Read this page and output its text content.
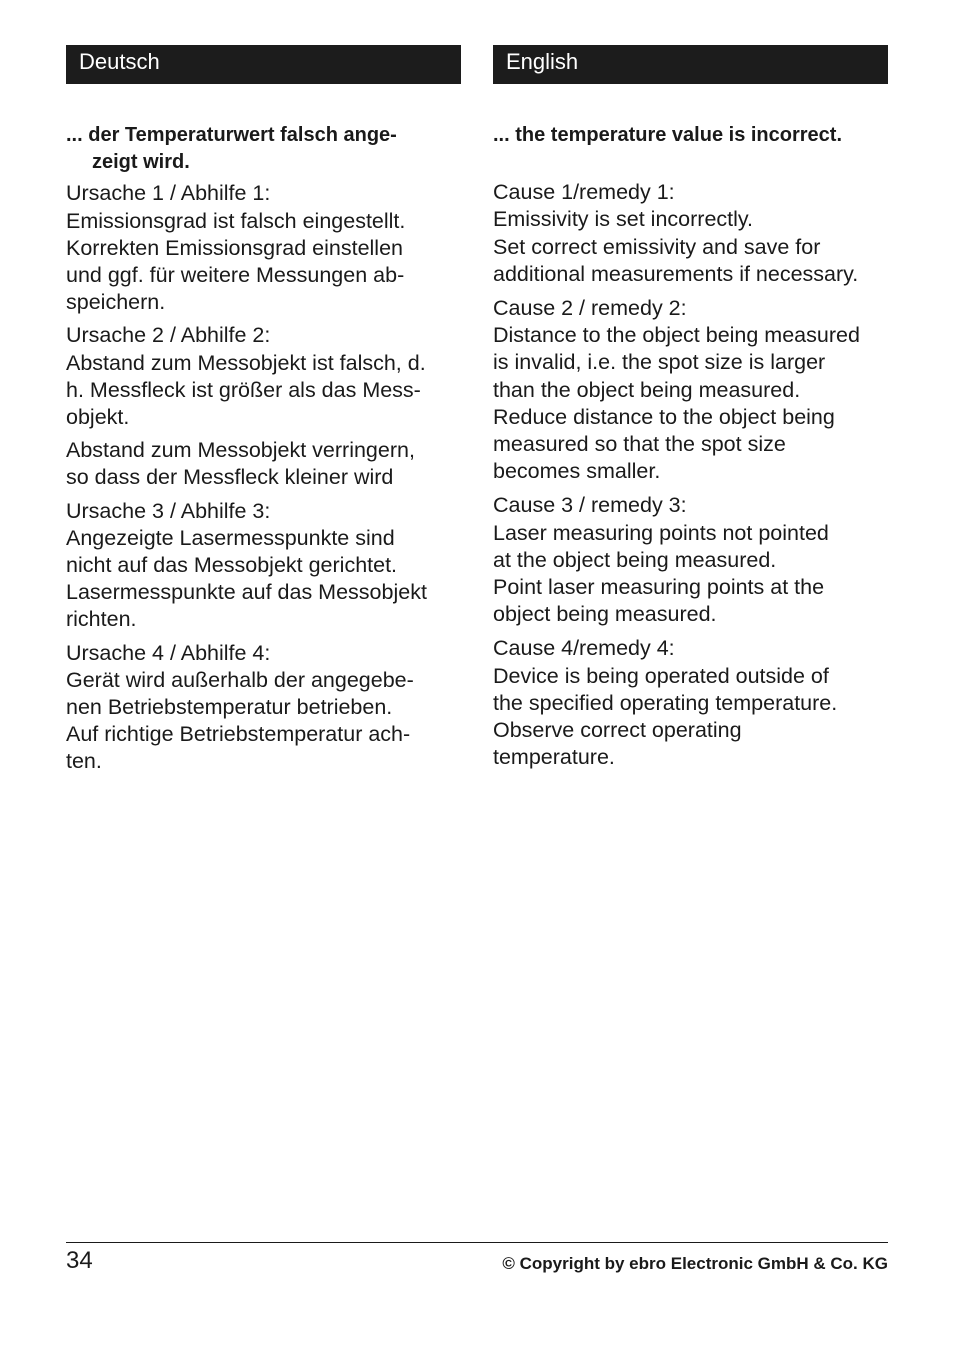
Deutsch
... der Temperaturwert falsch ange-
zeigt wird.

Ursache 1 / Abhilfe 1:
Emissionsgrad ist falsch eingestellt.
Korrekten Emissionsgrad einstellen
und ggf. für weitere Messungen ab-
speichern.

Ursache 2 / Abhilfe 2:
Abstand zum Messobjekt ist falsch, d.
h. Messfleck ist größer als das Mess-
objekt.

Abstand zum Messobjekt verringern,
so dass der Messfleck kleiner wird

Ursache 3 / Abhilfe 3:
Angezeigte Lasermesspunkte sind
nicht auf das Messobjekt gerichtet.
Lasermesspunkte auf das Messobjekt
richten.

Ursache 4 / Abhilfe 4:
Gerät wird außerhalb der angegebe-
nen Betriebstemperatur betrieben.
Auf richtige Betriebstemperatur ach-
ten.

English
... the temperature value is incorrect.

Cause 1/remedy 1:
Emissivity is set incorrectly.
Set correct emissivity and save for
additional measurements if necessary.

Cause 2 / remedy 2:
Distance to the object being measured
is invalid, i.e. the spot size is larger
than the object being measured.
Reduce distance to the object being
measured so that the spot size
becomes smaller.

Cause 3 / remedy 3:
Laser measuring points not pointed
at the object being measured.
Point laser measuring points at the
object being measured.

Cause 4/remedy 4:
Device is being operated outside of
the specified operating temperature.
Observe correct operating
temperature.

34	© Copyright by ebro Electronic GmbH & Co. KG
